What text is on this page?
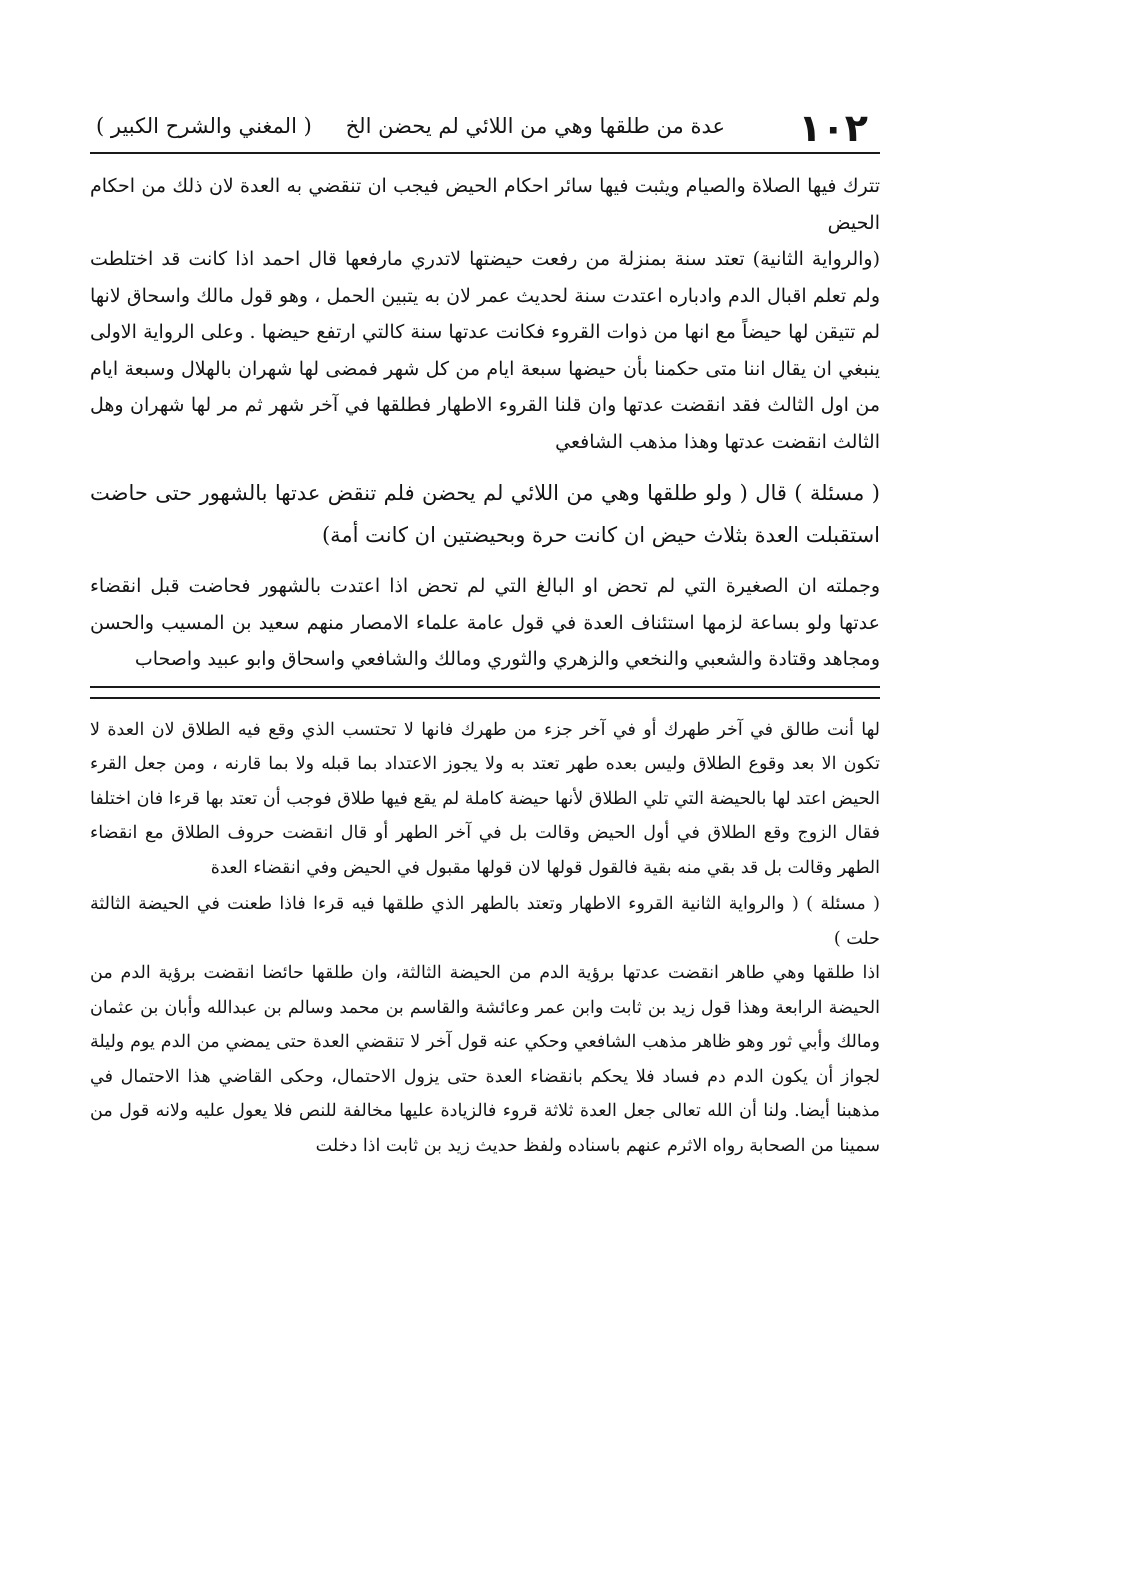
١٠٢
عدة من طلقها وهي من اللائي لم يحضن الخ
( المغني والشرح الكبير )

تترك فيها الصلاة والصيام ويثبت فيها سائر احكام الحيض فيجب ان تنقضي به العدة لان ذلك من احكام الحيض

(والرواية الثانية) تعتد سنة بمنزلة من رفعت حيضتها لاتدري مارفعها قال احمد اذا كانت قد اختلطت ولم تعلم اقبال الدم وادباره اعتدت سنة لحديث عمر لان به يتبين الحمل ، وهو قول مالك واسحاق لانها لم تتيقن لها حيضاً مع انها من ذوات القروء فكانت عدتها سنة كالتي ارتفع حيضها . وعلى الرواية الاولى ينبغي ان يقال اننا متى حكمنا بأن حيضها سبعة ايام من كل شهر فمضى لها شهران بالهلال وسبعة ايام من اول الثالث فقد انقضت عدتها وان قلنا القروء الاطهار فطلقها في آخر شهر ثم مر لها شهران وهل الثالث انقضت عدتها وهذا مذهب الشافعي

( مسئلة ) قال ( ولو طلقها وهي من اللائي لم يحضن فلم تنقض عدتها بالشهور حتى حاضت استقبلت العدة بثلاث حيض ان كانت حرة وبحيضتين ان كانت أمة)

وجملته ان الصغيرة التي لم تحض او البالغ التي لم تحض اذا اعتدت بالشهور فحاضت قبل انقضاء عدتها ولو بساعة لزمها استئناف العدة في قول عامة علماء الامصار منهم سعيد بن المسيب والحسن ومجاهد وقتادة والشعبي والنخعي والزهري والثوري ومالك والشافعي واسحاق وابو عبيد واصحاب

لها أنت طالق في آخر طهرك أو في آخر جزء من طهرك فانها لا تحتسب الذي وقع فيه الطلاق لان العدة لا تكون الا بعد وقوع الطلاق وليس بعده طهر تعتد به ولا يجوز الاعتداد بما قبله ولا بما قارنه ، ومن جعل القرء الحيض اعتد لها بالحيضة التي تلي الطلاق لأنها حيضة كاملة لم يقع فيها طلاق فوجب أن تعتد بها قرءا فان اختلفا فقال الزوج وقع الطلاق في أول الحيض وقالت بل في آخر الطهر أو قال انقضت حروف الطلاق مع انقضاء الطهر وقالت بل قد بقي منه بقية فالقول قولها لان قولها مقبول في الحيض وفي انقضاء العدة

( مسئلة ) ( والرواية الثانية القروء الاطهار وتعتد بالطهر الذي طلقها فيه قرءا فاذا طعنت في الحيضة الثالثة حلت )

اذا طلقها وهي طاهر انقضت عدتها برؤية الدم من الحيضة الثالثة، وان طلقها حائضا انقضت برؤية الدم من الحيضة الرابعة وهذا قول زيد بن ثابت وابن عمر وعائشة والقاسم بن محمد وسالم بن عبدالله وأبان بن عثمان ومالك وأبي ثور وهو ظاهر مذهب الشافعي وحكي عنه قول آخر لا تنقضي العدة حتى يمضي من الدم يوم وليلة لجواز أن يكون الدم دم فساد فلا يحكم بانقضاء العدة حتى يزول الاحتمال، وحكى القاضي هذا الاحتمال في مذهبنا أيضا. ولنا أن الله تعالى جعل العدة ثلاثة قروء فالزيادة عليها مخالفة للنص فلا يعول عليه ولانه قول من سمينا من الصحابة رواه الاثرم عنهم باسناده ولفظ حديث زيد بن ثابت اذا دخلت
